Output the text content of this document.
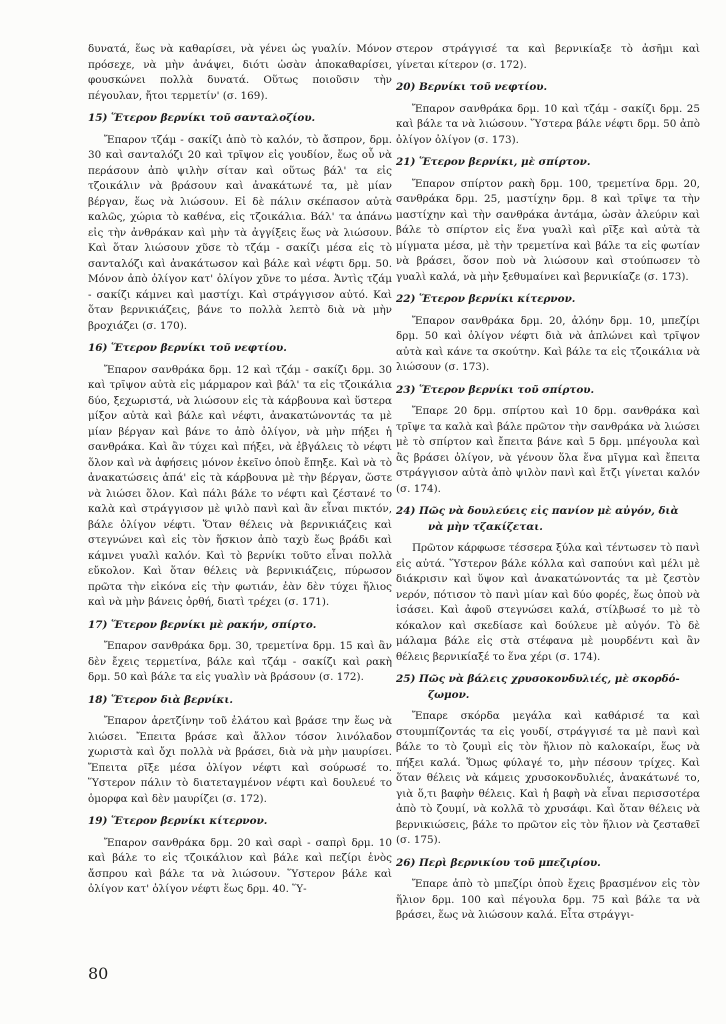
δυνατά, ἕως νὰ καθαρίσει, νὰ γένει ὡς γυαλίν. Μόνον πρόσεχε, νὰ μὴν ἀνάψει, διότι ὡσὰν ἀποκαθαρίσει, φουσκώνει πολλὰ δυνατά. Οὕτως ποιοῦσιν τὴν πέγουλαν, ἤτοι τερμετίν' (σ. 169).

15) Ἕτερον βερνίκι τοῦ σανταλοζίου.

Ἔπαρον τζάμ - σακίζι ἀπὸ τὸ καλόν, τὸ ἄσπρον, δρμ. 30 καὶ σανταλόζι 20 καὶ τρῖψον εἰς γουδίον, ἕως οὗ νὰ περάσουν ἀπὸ ψιλὴν σίταν καὶ οὕτως βάλ' τα εἰς τζοικάλιν νὰ βράσουν καὶ ἀνακάτωνέ τα, μὲ μίαν βέργαν, ἕως νὰ λιώσουν. Εἰ δὲ πάλιν σκέπασον αὐτὰ καλῶς, χώρια τὸ καθένα, εἰς τζοικάλια. Βάλ' τα ἀπάνω εἰς τὴν ἀνθράκαν καὶ μὴν τὰ ἀγγίξεις ἕως νὰ λιώσουν. Καὶ ὅταν λιώσουν χῦσε τὸ τζάμ - σακίζι μέσα εἰς τὸ σανταλόζι καὶ ἀνακάτωσον καὶ βάλε καὶ νέφτι δρμ. 50. Μόνον ἀπὸ ὀλίγον κατ' ὀλίγον χῦνε το μέσα. Ἀντὶς τζάμ - σακίζι κάμνει καὶ μαστίχι. Καὶ στράγγισον αὐτό. Καὶ ὅταν βερνικιάζεις, βάνε το πολλὰ λεπτὸ διὰ νὰ μὴν βροχιάζει (σ. 170).

16) Ἕτερον βερνίκι τοῦ νεφτίου.

Ἔπαρον σανθράκα δρμ. 12 καὶ τζάμ - σακίζι δρμ. 30 καὶ τρῖψον αὐτὰ εἰς μάρμαρον καὶ βάλ' τα εἰς τζοικάλια δύο, ξεχωριστά, νὰ λιώσουν εἰς τὰ κάρβουνα καὶ ὕστερα μίξον αὐτὰ καὶ βάλε καὶ νέφτι, ἀνακατώνοντάς τα μὲ μίαν βέργαν καὶ βάνε το ἀπὸ ὀλίγον, νὰ μὴν πήξει ἡ σανθράκα. Καὶ ἂν τύχει καὶ πήξει, νὰ ἐβγάλεις τὸ νέφτι ὅλον καὶ νὰ ἀφήσεις μόνον ἐκεῖνο ὁποὺ ἔπηξε. Καὶ νὰ τὸ ἀνακατώσεις ἀπά' εἰς τὰ κάρβουνα μὲ τὴν βέργαν, ὥστε νὰ λιώσει ὅλον. Καὶ πάλι βάλε το νέφτι καὶ ζέστανέ το καλὰ καὶ στράγγισον μὲ ψιλὸ πανὶ καὶ ἂν εἶναι πικτόν, βάλε ὀλίγον νέφτι. Ὅταν θέλεις νὰ βερνικιάζεις καὶ στεγνώνει καὶ εἰς τὸν ἥσκιον ἀπὸ ταχὺ ἕως βράδι καὶ κάμνει γυαλὶ καλόν. Καὶ τὸ βερνίκι τοῦτο εἶναι πολλὰ εὔκολον. Καὶ ὅταν θέλεις νὰ βερνικιάζεις, πύρωσον πρῶτα τὴν εἰκόνα εἰς τὴν φωτιάν, ἐὰν δὲν τύχει ἥλιος καὶ νὰ μὴν βάνεις ὀρθή, διατὶ τρέχει (σ. 171).

17) Ἕτερον βερνίκι μὲ ρακήν, σπίρτο.

Ἔπαρον σανθράκα δρμ. 30, τρεμετίνα δρμ. 15 καὶ ἂν δὲν ἔχεις τερμετίνα, βάλε καὶ τζάμ - σακίζι καὶ ρακὴ δρμ. 50 καὶ βάλε τα εἰς γυαλὶν νὰ βράσουν (σ. 172).

18) Ἕτερον διὰ βερνίκι.

Ἔπαρον ἀρετζίνην τοῦ ἐλάτου καὶ βράσε την ἕως νὰ λιώσει. Ἔπειτα βράσε καὶ ἄλλον τόσον λινόλαδον χωριστὰ καὶ ὄχι πολλὰ νὰ βράσει, διὰ νὰ μὴν μαυρίσει. Ἔπειτα ρῖξε μέσα ὀλίγον νέφτι καὶ σούρωσέ το. Ὕστερον πάλιν τὸ διατεταγμένον νέφτι καὶ δουλευέ το ὁμορφα καὶ δὲν μαυρίζει (σ. 172).

19) Ἕτερον βερνίκι κίτερνον.

Ἔπαρον σανθράκα δρμ. 20 καὶ σαρὶ - σαπρὶ δρμ. 10 καὶ βάλε το εἰς τζοικάλιον καὶ βάλε καὶ πεζίρι ἑνὸς ἄσπρου καὶ βάλε τα νὰ λιώσουν. Ὕστερον βάλε καὶ ὀλίγον κατ' ὀλίγον νέφτι ἕως δρμ. 40. Ὕ-

στερον στράγγισέ τα καὶ βερνικίαξε τὸ ἀσῆμι καὶ γίνεται κίτερον (σ. 172).

20) Βερνίκι τοῦ νεφτίου.

Ἔπαρον σανθράκα δρμ. 10 καὶ τζάμ - σακίζι δρμ. 25 καὶ βάλε τα νὰ λιώσουν. Ὕστερα βάλε νέφτι δρμ. 50 ἀπὸ ὀλίγον ὀλίγον (σ. 173).

21) Ἕτερον βερνίκι, μὲ σπίρτον.

Ἔπαρον σπίρτον ρακὴ δρμ. 100, τρεμετίνα δρμ. 20, σανθράκα δρμ. 25, μαστίχην δρμ. 8 καὶ τρῖψε τα τὴν μαστίχην καὶ τὴν σανθράκα ἀντάμα, ὡσὰν ἀλεύριν καὶ βάλε τὸ σπίρτον εἰς ἕνα γυαλὶ καὶ ρῖξε καὶ αὐτὰ τὰ μίγματα μέσα, μὲ τὴν τρεμετίνα καὶ βάλε τα εἰς φωτίαν νὰ βράσει, ὅσον ποὺ νὰ λιώσουν καὶ στούπωσεν τὸ γυαλὶ καλά, νὰ μὴν ξεθυμαίνει καὶ βερνικίαζε (σ. 173).

22) Ἕτερον βερνίκι κίτερνον.

Ἔπαρον σανθράκα δρμ. 20, ἀλόην δρμ. 10, μπεζίρι δρμ. 50 καὶ ὀλίγον νέφτι διὰ νὰ ἁπλώνει καὶ τρῖψον αὐτὰ καὶ κάνε τα σκούτην. Καὶ βάλε τα εἰς τζοικάλια νὰ λιώσουν (σ. 173).

23) Ἕτερον βερνίκι τοῦ σπίρτου.

Ἔπαρε 20 δρμ. σπίρτου καὶ 10 δρμ. σανθράκα καὶ τρῖψε τα καλὰ καὶ βάλε πρῶτον τὴν σανθράκα νὰ λιώσει μὲ τὸ σπίρτον καὶ ἔπειτα βάνε καὶ 5 δρμ. μπέγουλα καὶ ἂς βράσει ὀλίγον, νὰ γένουν ὅλα ἕνα μῖγμα καὶ ἔπειτα στράγγισον αὐτὰ ἀπὸ ψιλὸν πανὶ καὶ ἔτζι γίνεται καλόν (σ. 174).

24) Πῶς νὰ δουλεύεις εἰς πανίον μὲ αὐγόν, διὰ
νὰ μὴν τζακίζεται.

Πρῶτον κάρφωσε τέσσερα ξύλα καὶ τέντωσεν τὸ πανὶ εἰς αὐτά. Ὕστερον βάλε κόλλα καὶ σαπούνι καὶ μέλι μὲ διάκρισιν καὶ ὕψον καὶ ἀνακατώνοντάς τα μὲ ζεστὸν νερόν, πότισον τὸ πανὶ μίαν καὶ δύο φορές, ἕως ὁποὺ νὰ ἰσάσει. Καὶ ἀφοῦ στεγνώσει καλά, στίλβωσέ το μὲ τὸ κόκαλον καὶ σκεδίασε καὶ δούλευε μὲ αὐγόν. Τὸ δὲ μάλαμα βάλε εἰς στὰ στέφανα μὲ μουρδέντι καὶ ἂν θέλεις βερνικίαξέ το ἕνα χέρι (σ. 174).

25) Πῶς νὰ βάλεις χρυσοκονδυλιές, μὲ σκορδό-
ζωμον.

Ἔπαρε σκόρδα μεγάλα καὶ καθάρισέ τα καὶ στουμπίζοντάς τα εἰς γουδί, στράγγισέ τα μὲ πανὶ καὶ βάλε το τὸ ζουμὶ εἰς τὸν ἥλιον πὸ καλοκαίρι, ἕως νὰ πήξει καλά. Ὅμως φύλαγέ το, μὴν πέσουν τρίχες. Καὶ ὅταν θέλεις νὰ κάμεις χρυσοκονδυλιές, ἀνακάτωνέ το, γιὰ ὅ,τι βαφὴν θέλεις. Καὶ ἡ βαφὴ νὰ εἶναι περισσοτέρα ἀπὸ τὸ ζουμί, νὰ κολλᾶ τὸ χρυσάφι. Καὶ ὅταν θέλεις νὰ βερνικιώσεις, βάλε το πρῶτον εἰς τὸν ἥλιον νὰ ζεσταθεῖ (σ. 175).

26) Περὶ βερνικίου τοῦ μπεζιρίου.

Ἔπαρε ἀπὸ τὸ μπεζίρι ὁποὺ ἔχεις βρασμένον εἰς τὸν ἥλιον δρμ. 100 καὶ πέγουλα δρμ. 75 καὶ βάλε τα νὰ βράσει, ἕως νὰ λιώσουν καλά. Εἶτα στράγγι-

80
